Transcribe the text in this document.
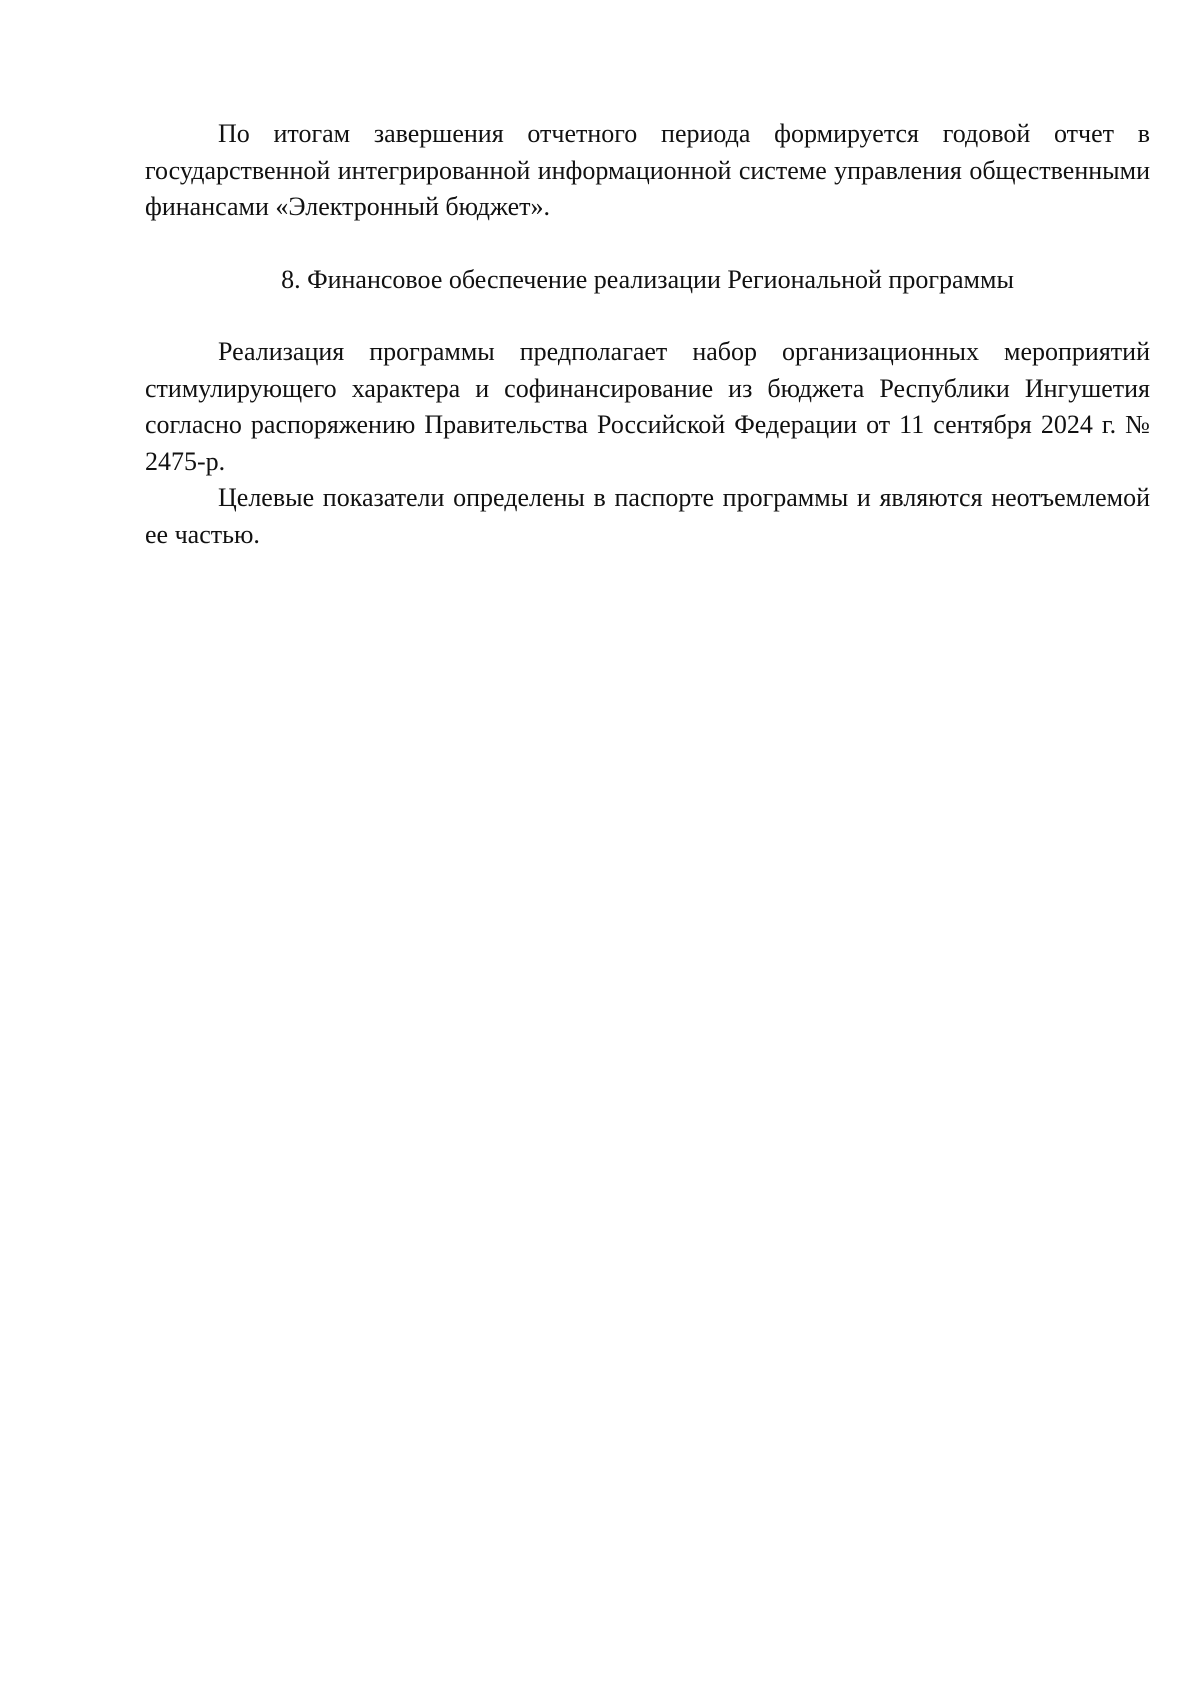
По итогам завершения отчетного периода формируется годовой отчет в государственной интегрированной информационной системе управления общественными финансами «Электронный бюджет».

8. Финансовое обеспечение реализации Региональной программы

Реализация программы предполагает набор организационных мероприятий стимулирующего характера и софинансирование из бюджета Республики Ингушетия согласно распоряжению Правительства Российской Федерации от 11 сентября 2024 г. № 2475-р.

Целевые показатели определены в паспорте программы и являются неотъемлемой ее частью.
